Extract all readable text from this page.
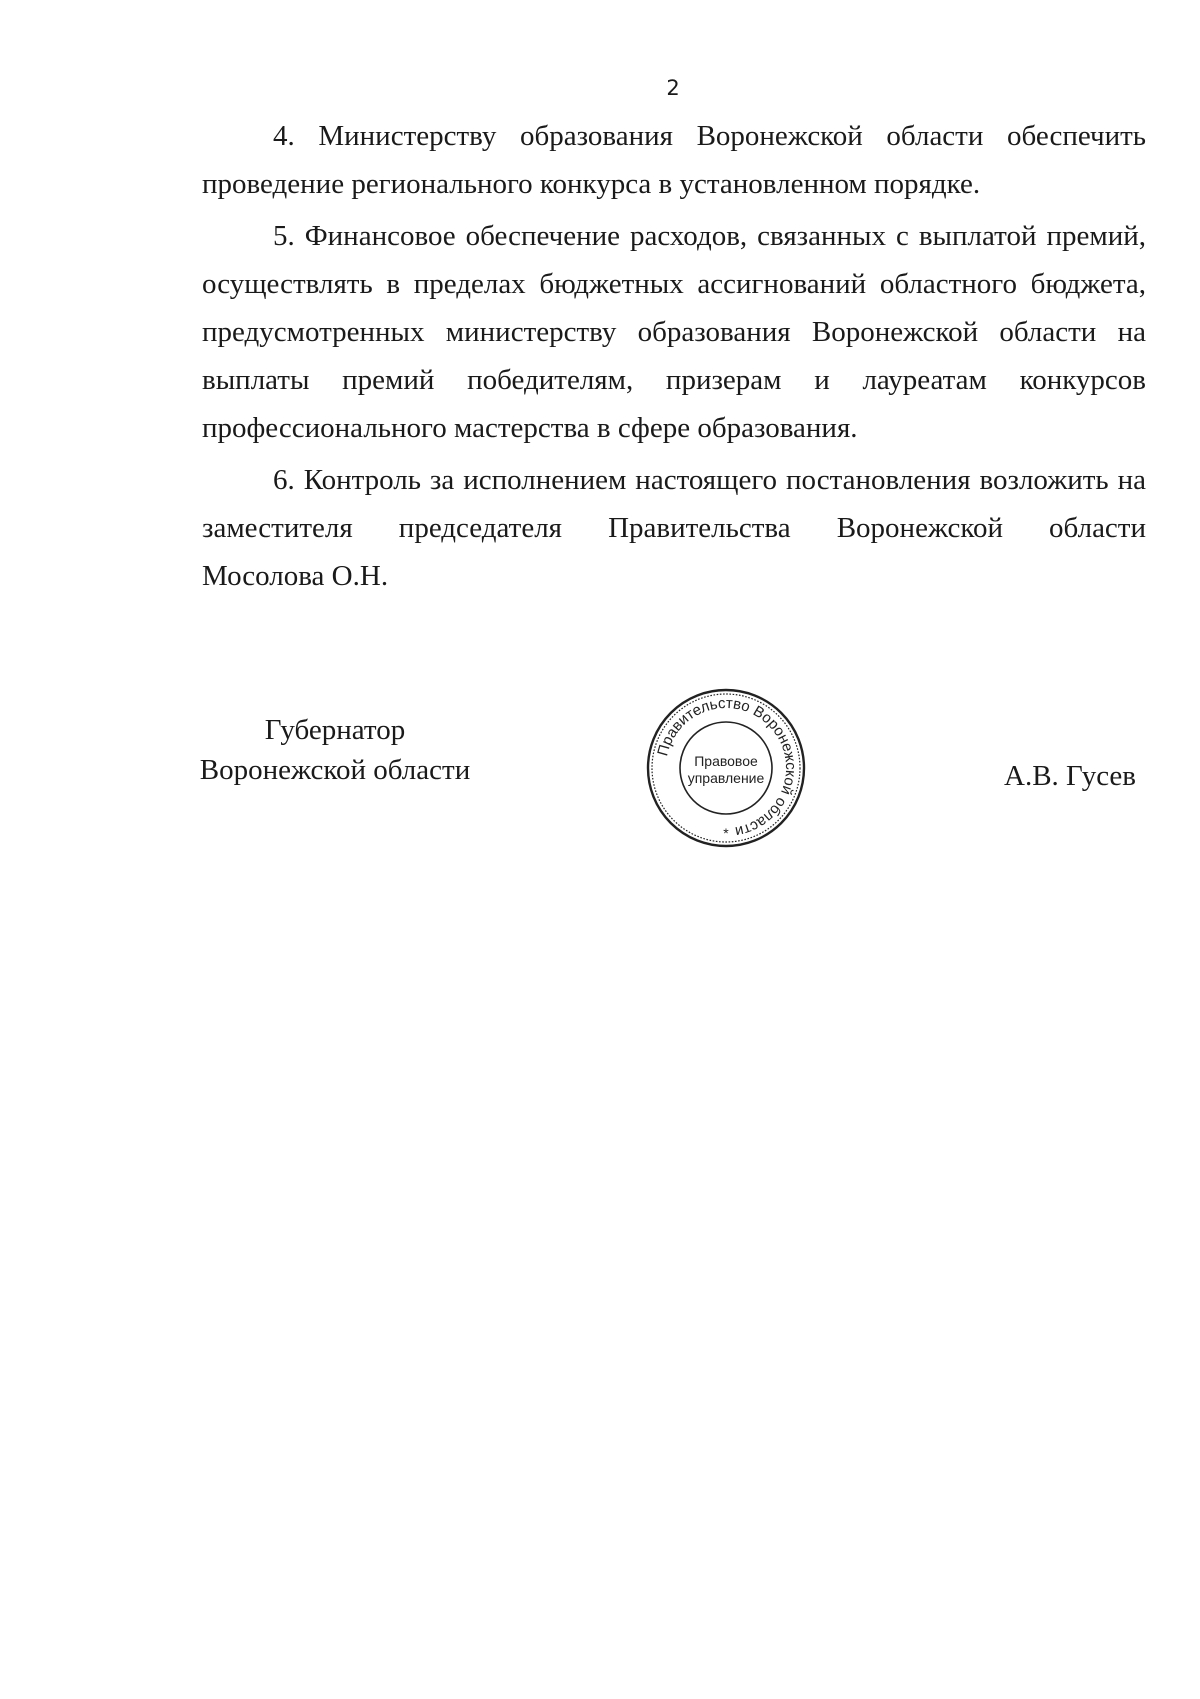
2

4. Министерству образования Воронежской области обеспечить
проведение регионального конкурса в установленном порядке.

5. Финансовое обеспечение расходов, связанных с выплатой премий,
осуществлять в пределах бюджетных ассигнований областного бюджета,
предусмотренных министерству образования Воронежской области на
выплаты премий победителям, призерам и лауреатам конкурсов
профессионального мастерства в сфере образования.

6. Контроль за исполнением настоящего постановления возложить на
заместителя председателя Правительства Воронежской области
Мосолова О.Н.

Губернатор
Воронежской области
Правительство Воронежской области
Правовое
управление
*
А.В. Гусев
